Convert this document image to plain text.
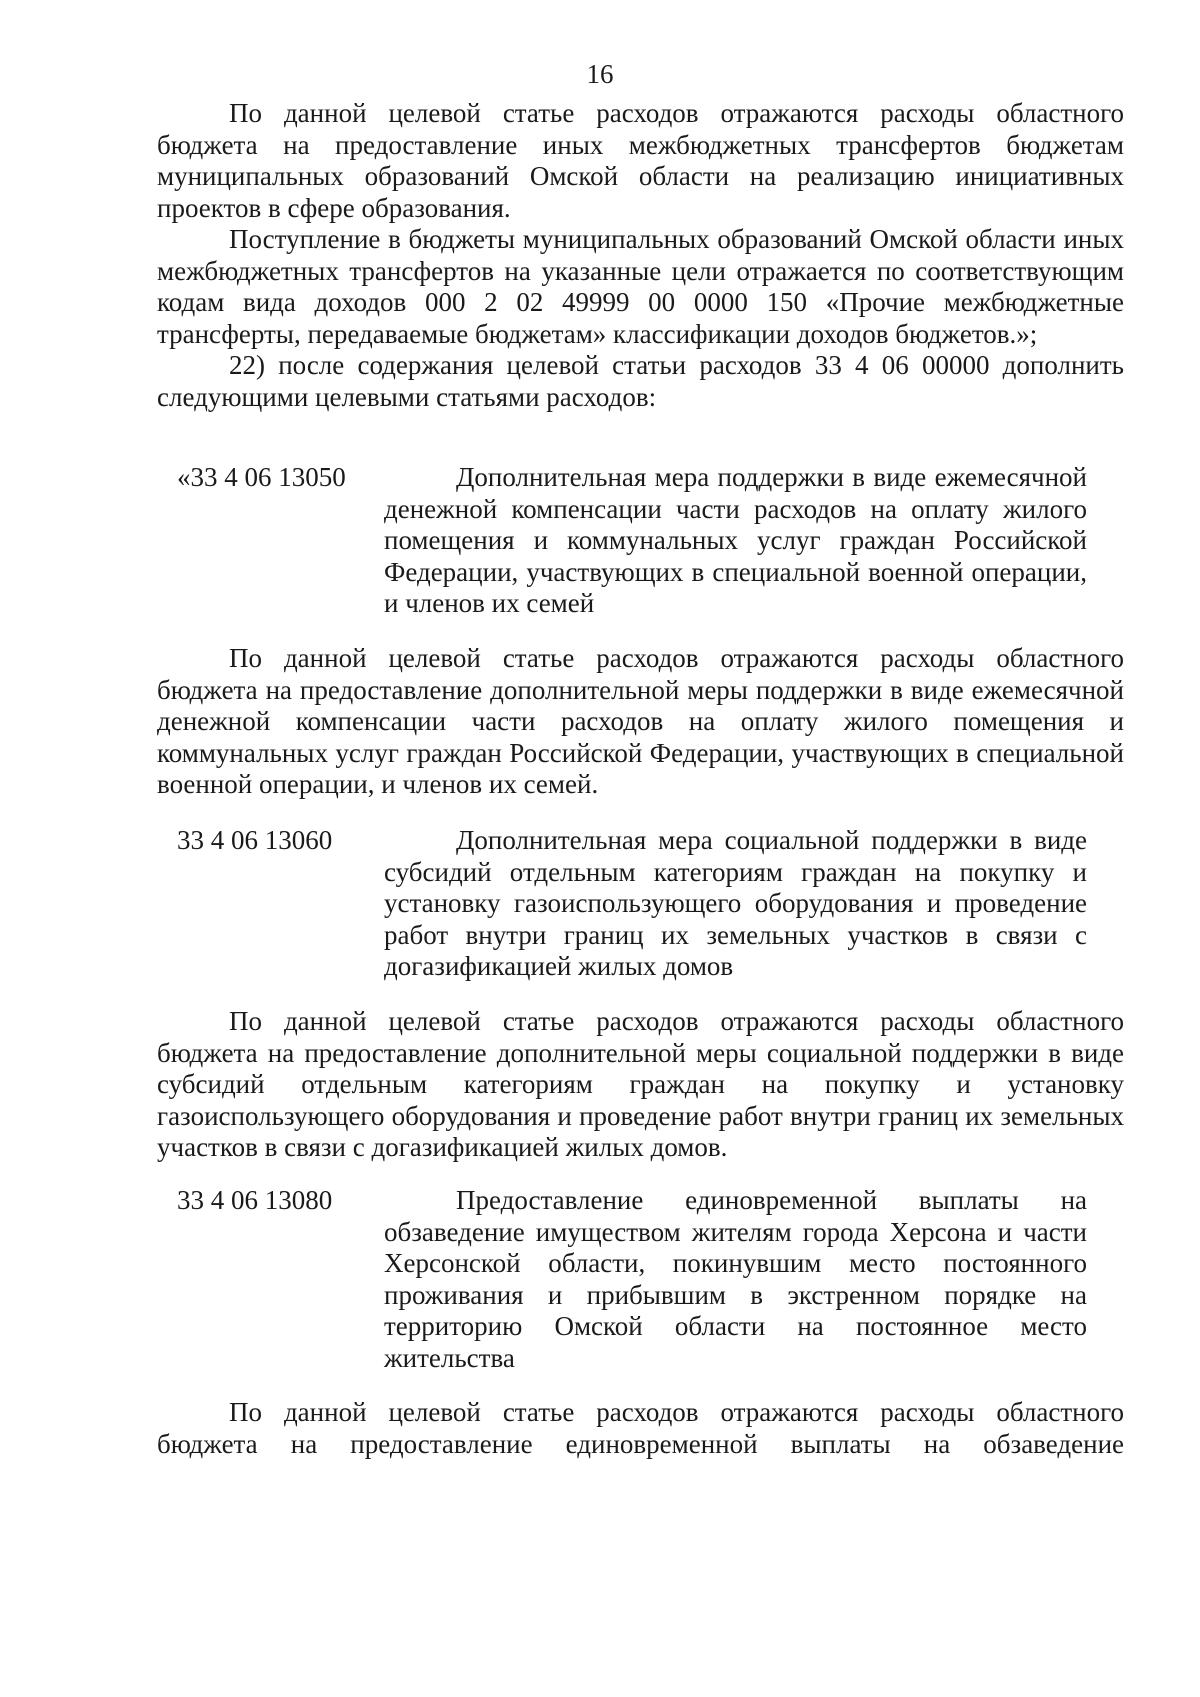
16

По данной целевой статье расходов отражаются расходы областного бюджета на предоставление иных межбюджетных трансфертов бюджетам муниципальных образований Омской области на реализацию инициативных проектов в сфере образования.

Поступление в бюджеты муниципальных образований Омской области иных межбюджетных трансфертов на указанные цели отражается по соответствующим кодам вида доходов 000 2 02 49999 00 0000 150 «Прочие межбюджетные трансферты, передаваемые бюджетам» классификации доходов бюджетов.»;

22) после содержания целевой статьи расходов 33 4 06 00000 дополнить следующими целевыми статьями расходов:

«33 4 06 13050	Дополнительная мера поддержки в виде ежемесячной денежной компенсации части расходов на оплату жилого помещения и коммунальных услуг граждан Российской Федерации, участвующих в специальной военной операции, и членов их семей

По данной целевой статье расходов отражаются расходы областного бюджета на предоставление дополнительной меры поддержки в виде ежемесячной денежной компенсации части расходов на оплату жилого помещения и коммунальных услуг граждан Российской Федерации, участвующих в специальной военной операции, и членов их семей.

33 4 06 13060	Дополнительная мера социальной поддержки в виде субсидий отдельным категориям граждан на покупку и установку газоиспользующего оборудования и проведение работ внутри границ их земельных участков в связи с догазификацией жилых домов

По данной целевой статье расходов отражаются расходы областного бюджета на предоставление дополнительной меры социальной поддержки в виде субсидий отдельным категориям граждан на покупку и установку газоиспользующего оборудования и проведение работ внутри границ их земельных участков в связи с догазификацией жилых домов.

33 4 06 13080	Предоставление единовременной выплаты на обзаведение имуществом жителям города Херсона и части Херсонской области, покинувшим место постоянного проживания и прибывшим в экстренном порядке на территорию Омской области на постоянное место жительства

По данной целевой статье расходов отражаются расходы областного бюджета на предоставление единовременной выплаты на обзаведение
